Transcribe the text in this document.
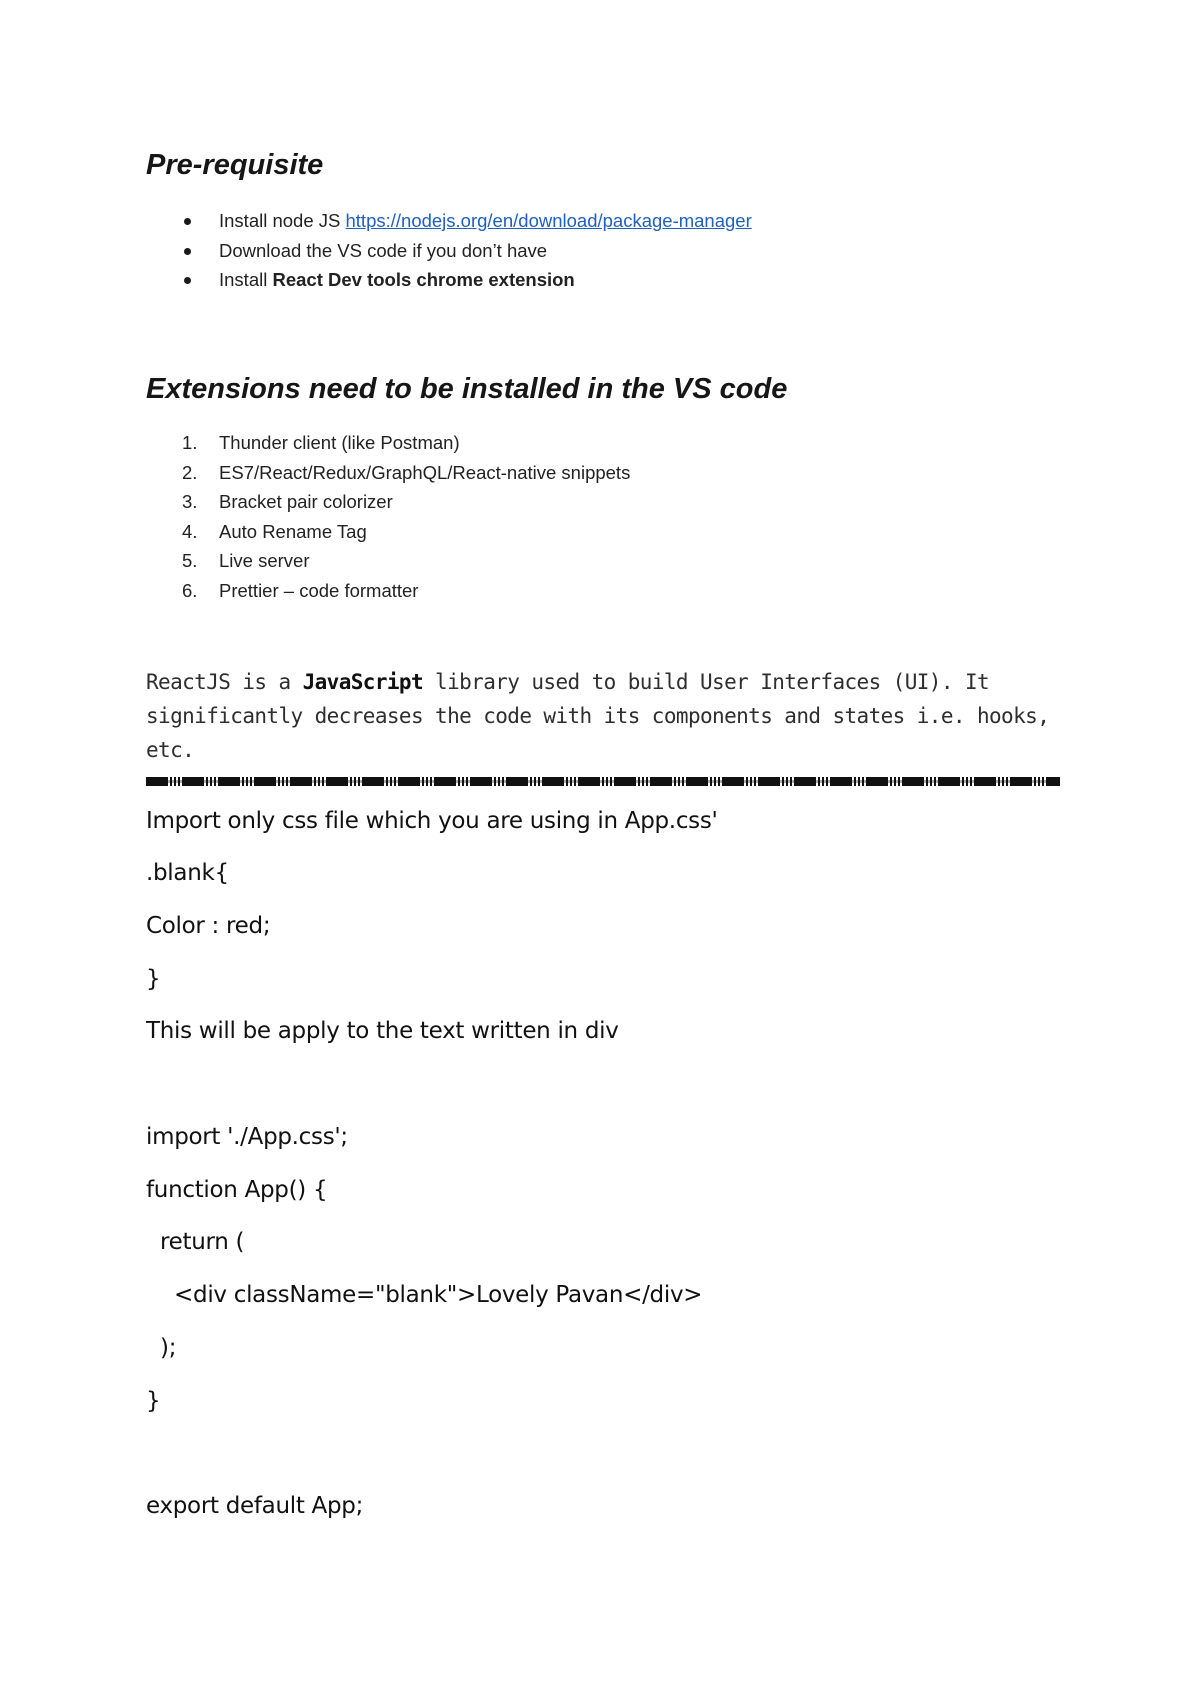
Pre-requisite
Install node JS https://nodejs.org/en/download/package-manager
Download the VS code if you don’t have
Install React Dev tools chrome extension
Extensions need to be installed in the VS code
1.	Thunder client (like Postman)
2.	ES7/React/Redux/GraphQL/React-native snippets
3.	Bracket pair colorizer
4.	Auto Rename Tag
5.	Live server
6.	Prettier – code formatter

ReactJS is a JavaScript library used to build User Interfaces (UI). It significantly decreases the code with its components and states i.e. hooks, etc.

Import only css file which you are using in App.css'
.blank{
Color : red;
}
This will be apply to the text written in div
import './App.css';
function App() {
return (
<div className="blank">Lovely Pavan</div>
);
}
export default App;
